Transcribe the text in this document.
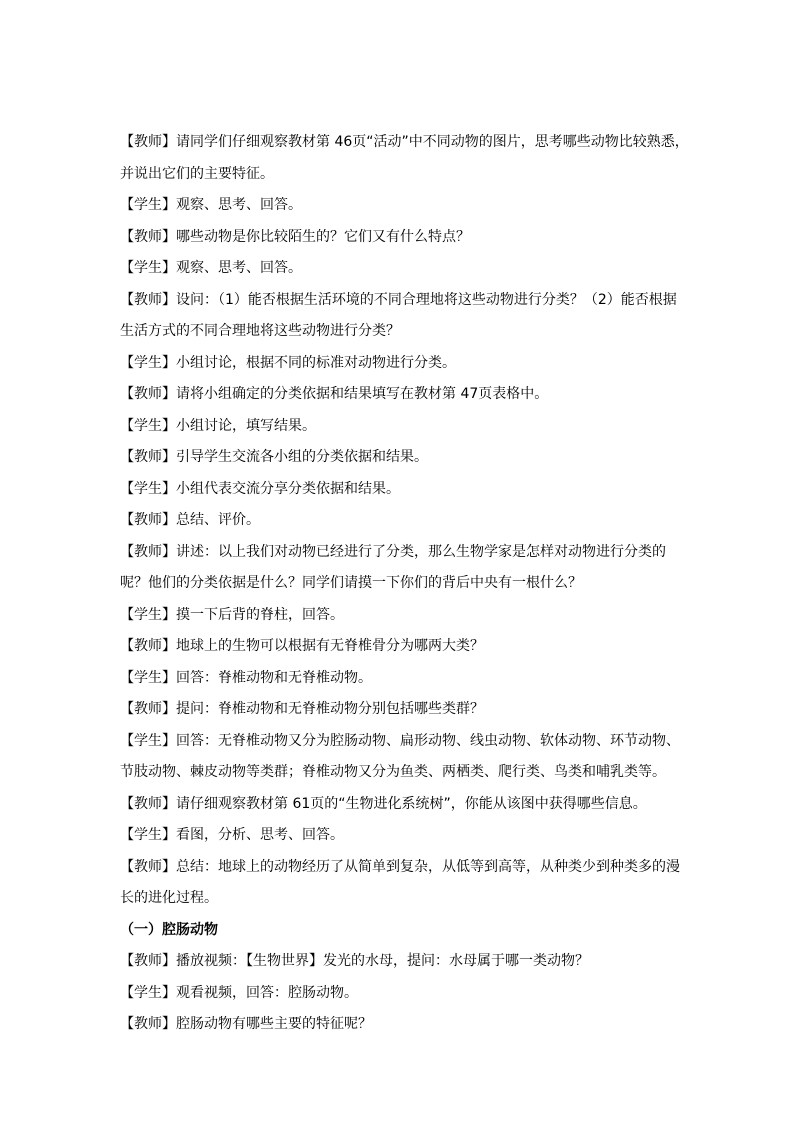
【教师】请同学们仔细观察教材第 46页“活动”中不同动物的图片，思考哪些动物比较熟悉，并说出它们的主要特征。

【学生】观察、思考、回答。

【教师】哪些动物是你比较陌生的？它们又有什么特点？

【学生】观察、思考、回答。

【教师】设问：（1）能否根据生活环境的不同合理地将这些动物进行分类？（2）能否根据生活方式的不同合理地将这些动物进行分类？

【学生】小组讨论，根据不同的标准对动物进行分类。

【教师】请将小组确定的分类依据和结果填写在教材第 47页表格中。

【学生】小组讨论，填写结果。

【教师】引导学生交流各小组的分类依据和结果。

【学生】小组代表交流分享分类依据和结果。

【教师】总结、评价。

【教师】讲述：以上我们对动物已经进行了分类，那么生物学家是怎样对动物进行分类的呢？他们的分类依据是什么？同学们请摸一下你们的背后中央有一根什么？

【学生】摸一下后背的脊柱，回答。

【教师】地球上的生物可以根据有无脊椎骨分为哪两大类？

【学生】回答：脊椎动物和无脊椎动物。

【教师】提问：脊椎动物和无脊椎动物分别包括哪些类群？

【学生】回答：无脊椎动物又分为腔肠动物、扁形动物、线虫动物、软体动物、环节动物、节肢动物、棘皮动物等类群；脊椎动物又分为鱼类、两栖类、爬行类、鸟类和哺乳类等。

【教师】请仔细观察教材第 61页的“生物进化系统树”，你能从该图中获得哪些信息。

【学生】看图，分析、思考、回答。

【教师】总结：地球上的动物经历了从简单到复杂，从低等到高等，从种类少到种类多的漫长的进化过程。

（一）腔肠动物

【教师】播放视频：【生物世界】发光的水母，提问：水母属于哪一类动物？

【学生】观看视频，回答：腔肠动物。

【教师】腔肠动物有哪些主要的特征呢？
